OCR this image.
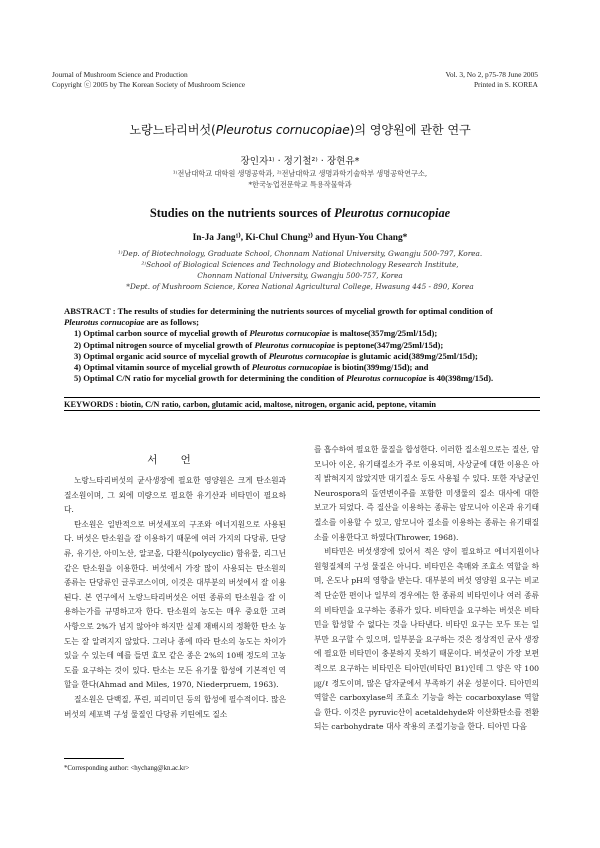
Journal of Mushroom Science and Production
Copyright ⓒ 2005 by The Korean Society of Mushroom Science
Vol. 3, No 2, p75-78 June 2005
Printed in S. KOREA
노랑느타리버섯(Pleurotus cornucopiae)의 영양원에 관한 연구
장인자¹⁾ · 정기철²⁾ · 장현유*
¹⁾전남대학교 대학원 생명공학과, ²⁾전남대학교 생명과학기술학부 생명공학연구소,
*한국농업전문학교 특용작물학과
Studies on the nutrients sources of Pleurotus cornucopiae
In-Ja Jang¹⁾, Ki-Chul Chung²⁾ and Hyun-You Chang*
¹⁾Dep. of Biotechnology, Graduate School, Chonnam National University, Gwangju 500-797, Korea.
²⁾School of Biological Sciences and Technology and Biotechnology Research Institute,
Chonnam National University, Gwangju 500-757, Korea
*Dept. of Mushroom Science, Korea National Agricultural College, Hwasung 445 - 890, Korea
ABSTRACT : The results of studies for determining the nutrients sources of mycelial growth for optimal condition of
Pleurotus cornucopiae are as follows;
1) Optimal carbon source of mycelial growth of Pleurotus cornucopiae is maltose(357mg/25ml/15d);
2) Optimal nitrogen source of mycelial growth of Pleurotus cornucopiae is peptone(347mg/25ml/15d);
3) Optimal organic acid source of mycelial growth of Pleurotus cornucopiae is glutamic acid(389mg/25ml/15d);
4) Optimal vitamin source of mycelial growth of Pleurotus cornucopiae is biotin(399mg/15d); and
5) Optimal C/N ratio for mycelial growth for determining the condition of Pleurotus cornucopiae is 40(398mg/15d).
KEYWORDS : biotin, C/N ratio, carbon, glutamic acid, maltose, nitrogen, organic acid, peptone, vitamin
서 언

노랑느타리버섯의 균사생장에 필요한 영양원은 크게 탄소원과 질소원이며, 그 외에 미량으로 필요한 유기산과 비타민이 필요하다.

탄소원은 일반적으로 버섯세포의 구조와 에너지원으로 사용된다. 버섯은 탄소원을 잘 이용하기 때문에 여러 가지의 다당류, 단당류, 유기산, 아미노산, 알코올, 다환식(polycyclic) 함유물, 리그닌 같은 탄소원을 이용한다. 버섯에서 가장 많이 사용되는 탄소원의 종류는 단당류인 글루코스이며, 이것은 대부분의 버섯에서 잘 이용된다. 본 연구에서 노랑느타리버섯은 어떤 종류의 탄소원을 잘 이용하는가를 규명하고자 한다. 탄소원의 농도는 매우 중요한 고려 사항으로 2%가 넘지 않아야 하지만 실제 재배시의 정확한 탄소 농도는 잘 알려지지 않았다. 그러나 종에 따라 탄소의 농도는 차이가 있을 수 있는데 예를 들면 효모 같은 종은 2%의 10배 정도의 고농도를 요구하는 것이 있다. 탄소는 모든 유기물 합성에 기본적인 역할을 한다(Ahmad and Miles, 1970, Niederpruem, 1963).

질소원은 단백질, 푸린, 피리미딘 등의 합성에 필수적이다. 많은 버섯의 세포벽 구성 물질인 다당류 키틴에도 질소

를 흡수하여 필요한 물질을 합성한다. 이러한 질소원으로는 질산, 암모니아 이온, 유기태질소가 주로 이용되며, 사상균에 대한 이용은 아직 밝혀지지 않았지만 대기질소 등도 사용될 수 있다. 또한 자낭균인 Neurospora의 돌연변이주를 포함한 미생물의 질소 대사에 대한 보고가 되었다. 즉 질산을 이용하는 종류는 암모니아 이온과 유기태질소를 이용할 수 있고, 암모니아 질소를 이용하는 종류는 유기태질소를 이용한다고 하였다(Thrower, 1968).

비타민은 버섯생장에 있어서 적은 양이 필요하고 에너지원이나 원형질체의 구성 물질은 아니다. 비타민은 촉매와 조효소 역할을 하며, 온도나 pH의 영향을 받는다. 대부분의 버섯 영양원 요구는 비교적 단순한 편이나 일부의 경우에는 한 종류의 비타민이나 여러 종류의 비타민을 요구하는 종류가 있다. 비타민을 요구하는 버섯은 비타민을 합성할 수 없다는 것을 나타낸다. 비타민 요구는 모두 또는 일부만 요구할 수 있으며, 일부분을 요구하는 것은 정상적인 균사 생장에 필요한 비타민이 충분하지 못하기 때문이다. 버섯균이 가장 보편적으로 요구하는 비타민은 티아민(비타민 B1)인데 그 양은 약 100㎍/ℓ 정도이며, 많은 담자균에서 부족하기 쉬운 성분이다. 티아민의 역할은 carboxylase의 조효소 기능을 하는 cocarboxylase 역할을 한다. 이것은 pyruvic산이 acetaldehyde와 이산화탄소를 전환되는 carbohydrate 대사 작용의 조절기능을 한다. 티아민 다음

*Corresponding author: <hychang@kn.ac.kr>
